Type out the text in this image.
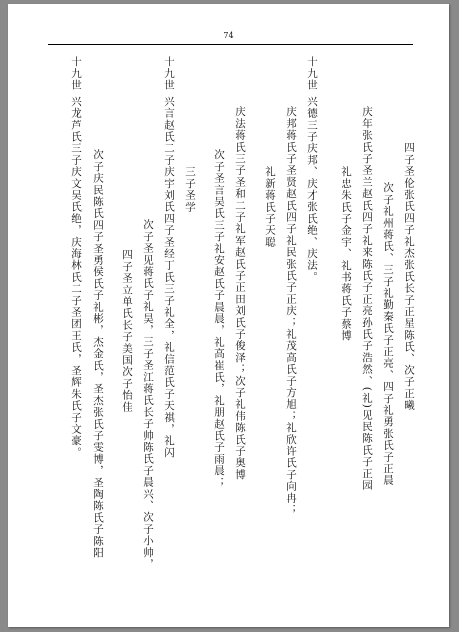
74
四子圣伦张氏四子礼杰张氏长子正星陈氏、次子正曦
次子礼州蒋氏、三子礼勤秦氏子正亮、四子礼勇张氏子正晨
庆年张氏子圣兰赵氏四子礼来陈氏子正亮孙氏子浩然、(礼)见民陈氏子正园
礼忠朱氏子金宇、礼书蒋氏子蔡博
十九世 兴德三子庆邦、庆才张氏绝、庆法。
庆邦蒋氏子圣贤赵氏四子礼民张氏子正庆；礼茂高氏子方旭；礼欣许氏子向冉；
礼新蒋氏子天聪
庆法蒋氏三子圣和二子礼军赵氏子正田刘氏子俊泽；次子礼伟陈氏子奥博
次子圣言吴氏三子礼安赵氏子晨晨，礼高崔氏，礼朋赵氏子雨晨；
三子圣学
十九世 兴言赵氏二子庆宇刘氏四子圣经丁氏三子礼全，礼信范氏子天祺，礼闪
次子圣见蒋氏子礼昊，三子圣江蒋氏长子帅陈氏子晨兴、次子小帅，
四子圣立单氏长子美国次子怡佳
次子庆民陈氏四子圣勇侯氏子礼彬，杰金氏，圣杰张氏子雯博，圣陶陈氏子陈阳
十九世 兴龙芦氏三子庆文吴氏绝，庆海林氏二子圣团王氏，圣辉朱氏子文豪。
